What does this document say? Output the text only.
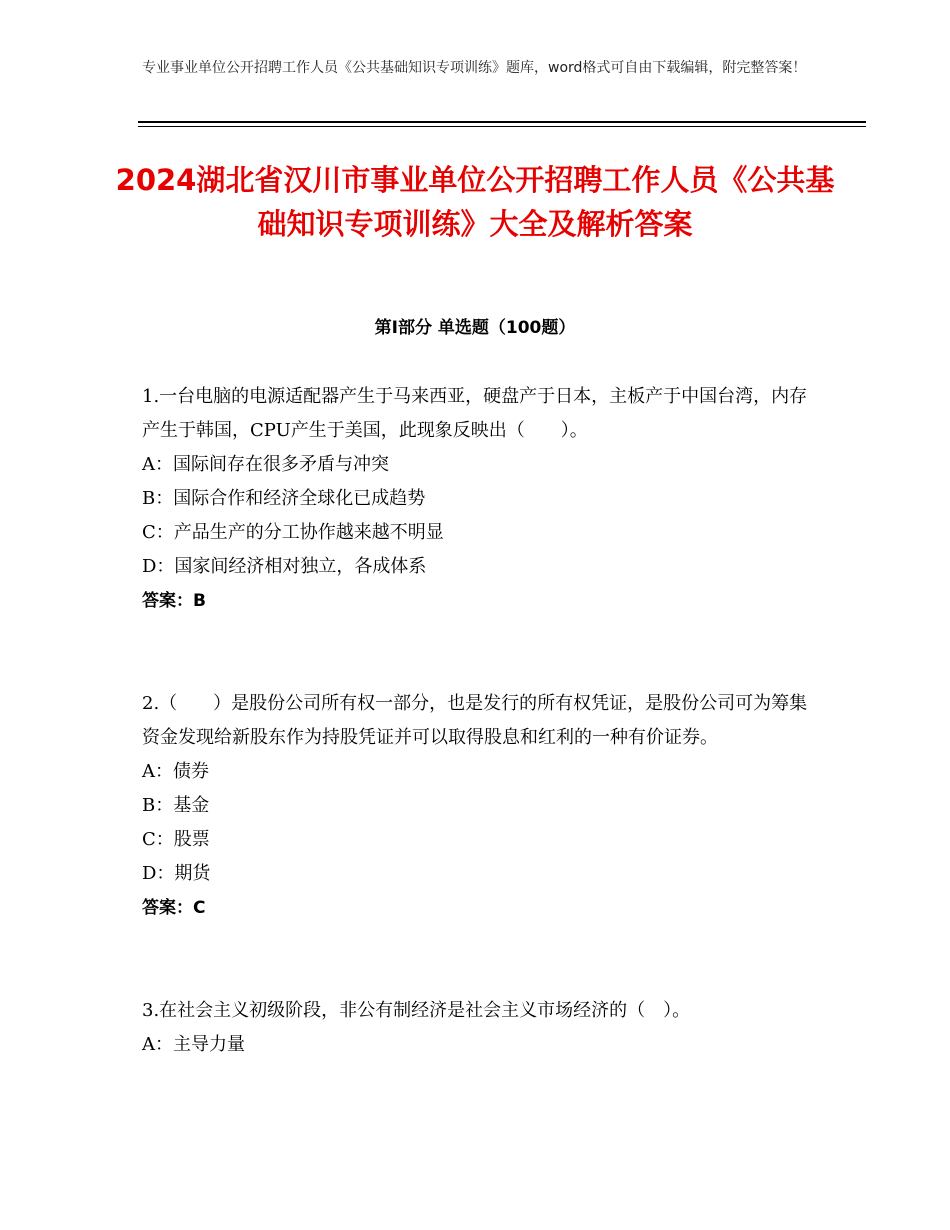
专业事业单位公开招聘工作人员《公共基础知识专项训练》题库，word格式可自由下载编辑，附完整答案！
2024湖北省汉川市事业单位公开招聘工作人员《公共基础知识专项训练》大全及解析答案
第Ⅰ部分 单选题（100题）

1.一台电脑的电源适配器产生于马来西亚，硬盘产于日本，主板产于中国台湾，内存产生于韩国，CPU产生于美国，此现象反映出（　　）。

A：国际间存在很多矛盾与冲突

B：国际合作和经济全球化已成趋势

C：产品生产的分工协作越来越不明显

D：国家间经济相对独立，各成体系

答案：B

2.（　　）是股份公司所有权一部分，也是发行的所有权凭证，是股份公司可为筹集资金发现给新股东作为持股凭证并可以取得股息和红利的一种有价证券。

A：债券

B：基金

C：股票

D：期货

答案：C

3.在社会主义初级阶段，非公有制经济是社会主义市场经济的（　）。

A：主导力量
